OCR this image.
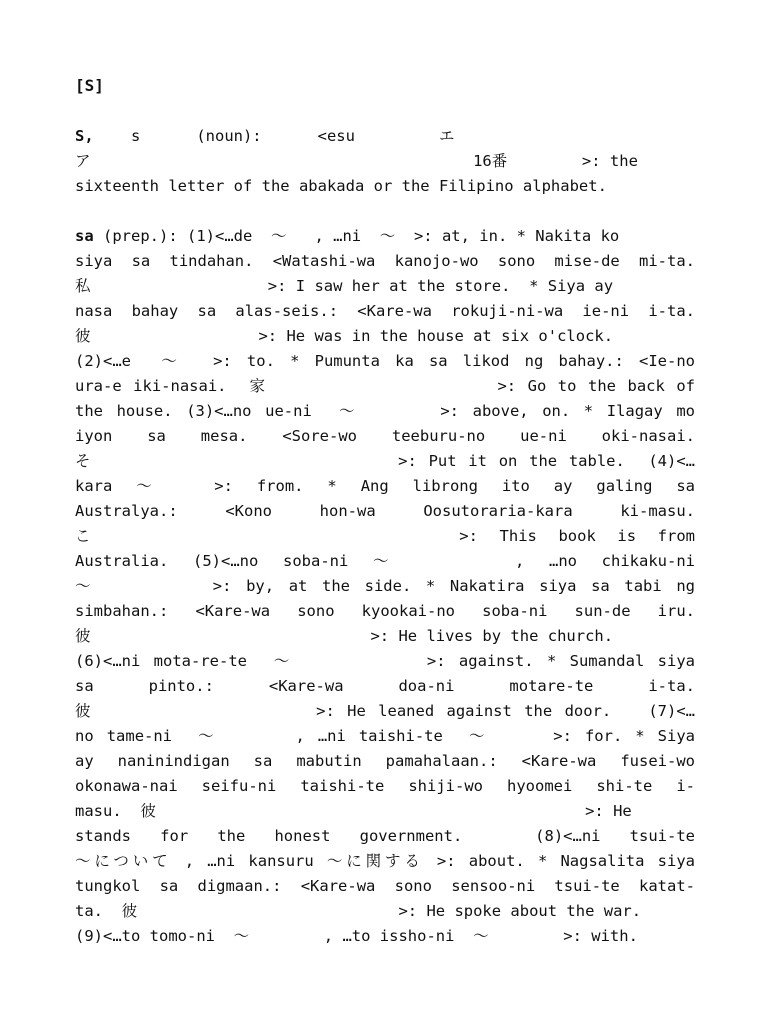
[S]
S,    s      (noun):      <esu         エ
ア                                         16番        >: the
sixteenth letter of the abakada or the Filipino alphabet.
sa (prep.): (1)<…de  ～   , …ni  ～  >: at, in. * Nakita ko
siya sa tindahan. <Watashi-wa kanojo-wo sono mise-de mi-ta.
私                   >: I saw her at the store.  * Siya ay
nasa bahay sa alas-seis.: <Kare-wa rokuji-ni-wa ie-ni i-ta.
彼                  >: He was in the house at six o'clock.
(2)<…e  ～  >: to. * Pumunta ka sa likod ng bahay.: <Ie-no
ura-e iki-nasai.  家                    >: Go to the back of
the house. (3)<…no ue-ni  ～      >: above, on. * Ilagay mo
iyon  sa  mesa.  <Sore-wo  teeburu-no  ue-ni  oki-nasai.
そ                          >: Put it on the table.  (4)<…
kara  ～     >:  from.  *  Ang  librong  ito  ay  galing  sa
Australya.:  <Kono  hon-wa  Oosutoraria-kara  ki-masu.
こ                                  >:  This  book  is  from
Australia.  (5)<…no  soba-ni  ～          ,  …no  chikaku-ni
～        >: by, at the side. * Nakatira siya sa tabi ng
simbahan.: <Kare-wa sono kyookai-no soba-ni sun-de iru.
彼                              >: He lives by the church.
(6)<…ni mota-re-te  ～          >: against. * Sumandal siya
sa    pinto.:    <Kare-wa    doa-ni    motare-te    i-ta.
彼                  >: He leaned against the door.   (7)<…
no tame-ni  ～      , …ni taishi-te  ～     >: for. * Siya
ay naninindigan sa mabutin pamahalaan.: <Kare-wa fusei-wo
okonawa-nai seifu-ni taishi-te shiji-wo hyoomei shi-te i-
masu.  彼                                              >: He
stands  for  the  honest  government.     (8)<…ni  tsui-te
～について , …ni kansuru ～に関する >: about. * Nagsalita siya
tungkol sa digmaan.: <Kare-wa sono sensoo-ni tsui-te katat-
ta.  彼                            >: He spoke about the war.
(9)<…to tomo-ni  ～        , …to issho-ni  ～        >: with.
